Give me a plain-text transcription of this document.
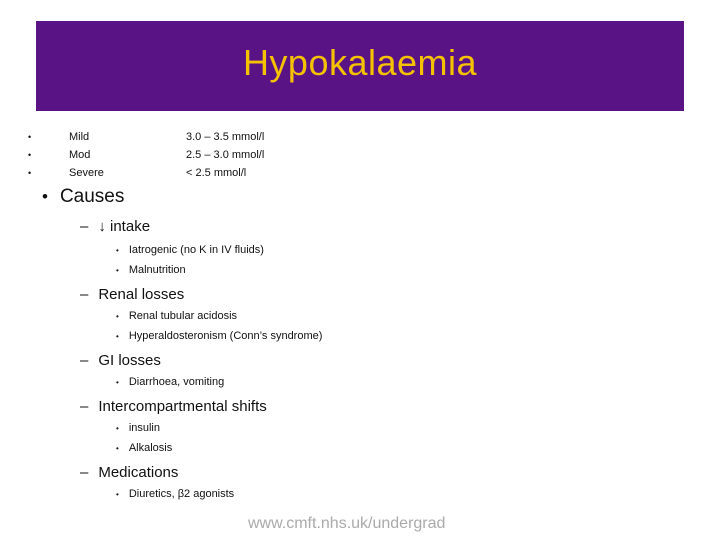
Hypokalaemia
•	Mild	3.0 – 3.5 mmol/l
•	Mod	2.5 – 3.0 mmol/l
•	Severe	< 2.5 mmol/l
• Causes
– ↓ intake
• Iatrogenic (no K in IV fluids)
• Malnutrition
– Renal losses
• Renal tubular acidosis
• Hyperaldosteronism (Conn’s syndrome)
– GI losses
• Diarrhoea, vomiting
– Intercompartmental shifts
• insulin
• Alkalosis
– Medications
• Diuretics, β2 agonists
www.cmft.nhs.uk/undergrad
